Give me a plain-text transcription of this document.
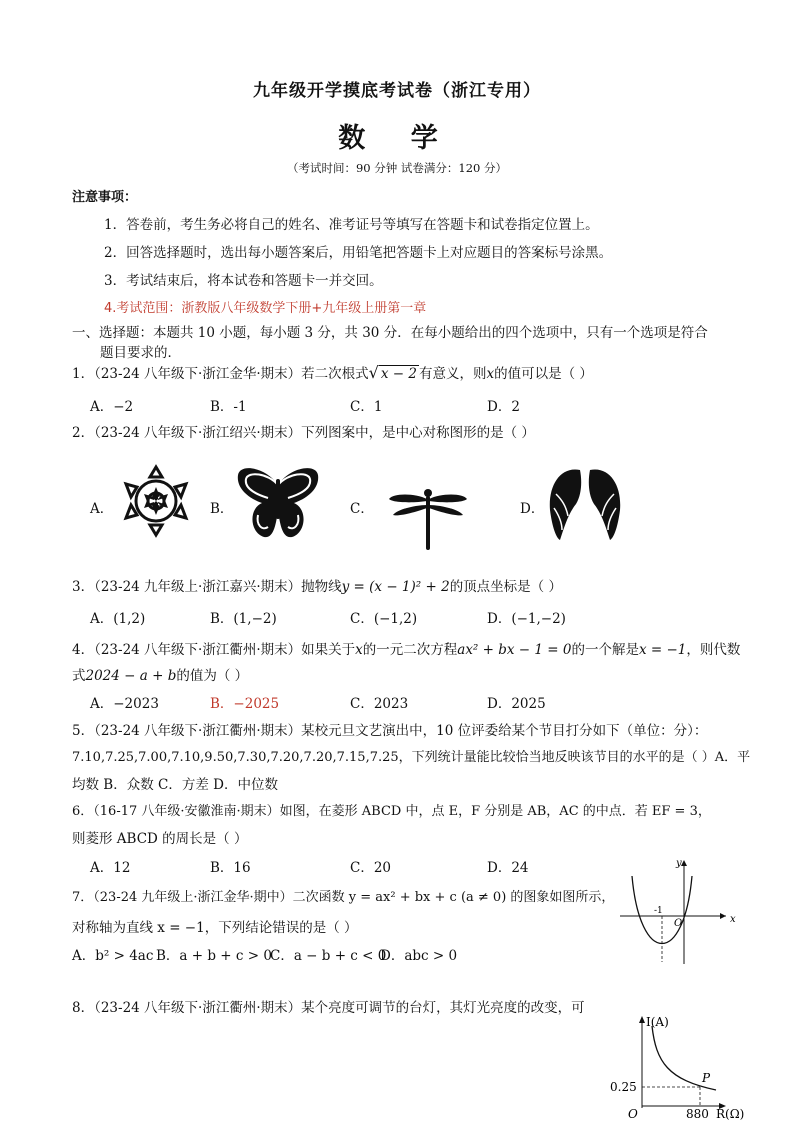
九年级开学摸底考试卷（浙江专用）
数 学
（考试时间：90 分钟 试卷满分：120 分）
注意事项：
1．答卷前，考生务必将自己的姓名、准考证号等填写在答题卡和试卷指定位置上。
2．回答选择题时，选出每小题答案后，用铅笔把答题卡上对应题目的答案标号涂黑。
3．考试结束后，将本试卷和答题卡一并交回。
4.考试范围：浙教版八年级数学下册+九年级上册第一章
一、选择题：本题共 10 小题，每小题 3 分，共 30 分．在每小题给出的四个选项中，只有一个选项是符合
题目要求的．
1．（23-24 八年级下·浙江金华·期末）若二次根式√ x − 2 有意义，则x的值可以是（ ）
A．−2	B．-1	C．1	D．2
2．（23-24 八年级下·浙江绍兴·期末）下列图案中，是中心对称图形的是（ ）
A．	B．	C．	D．
3．（23-24 九年级上·浙江嘉兴·期末）抛物线y = (x − 1)² + 2的顶点坐标是（ ）
A．(1,2)	B．(1,−2)	C．(−1,2)	D．(−1,−2)
4．（23-24 八年级下·浙江衢州·期末）如果关于x的一元二次方程ax² + bx − 1 = 0的一个解是x = −1，则代数
式2024 − a + b的值为（ ）
A．−2023	B．−2025	C．2023	D．2025
5．（23-24 八年级下·浙江衢州·期末）某校元旦文艺演出中，10 位评委给某个节目打分如下（单位：分）：
7.10,7.25,7.00,7.10,9.50,7.30,7.20,7.20,7.15,7.25，下列统计量能比较恰当地反映该节目的水平的是（ ）A．平
均数 B．众数 C．方差 D．中位数
6．（16-17 八年级·安徽淮南·期末）如图，在菱形 ABCD 中，点 E，F 分别是 AB，AC 的中点．若 EF = 3，
则菱形 ABCD 的周长是（ ）
A．12	B．16	C．20	D．24
7．（23-24 九年级上·浙江金华·期中）二次函数 y = ax² + bx + c (a ≠ 0) 的图象如图所示，
对称轴为直线 x = −1，下列结论错误的是（ ）
A．b² > 4ac B．a + b + c > 0
C．a − b + c < 0
D．abc > 0
x
y
O
-1
8．（23-24 八年级下·浙江衢州·期末）某个亮度可调节的台灯，其灯光亮度的改变，可
I(A)
R(Ω)
O
0.25
880
P
